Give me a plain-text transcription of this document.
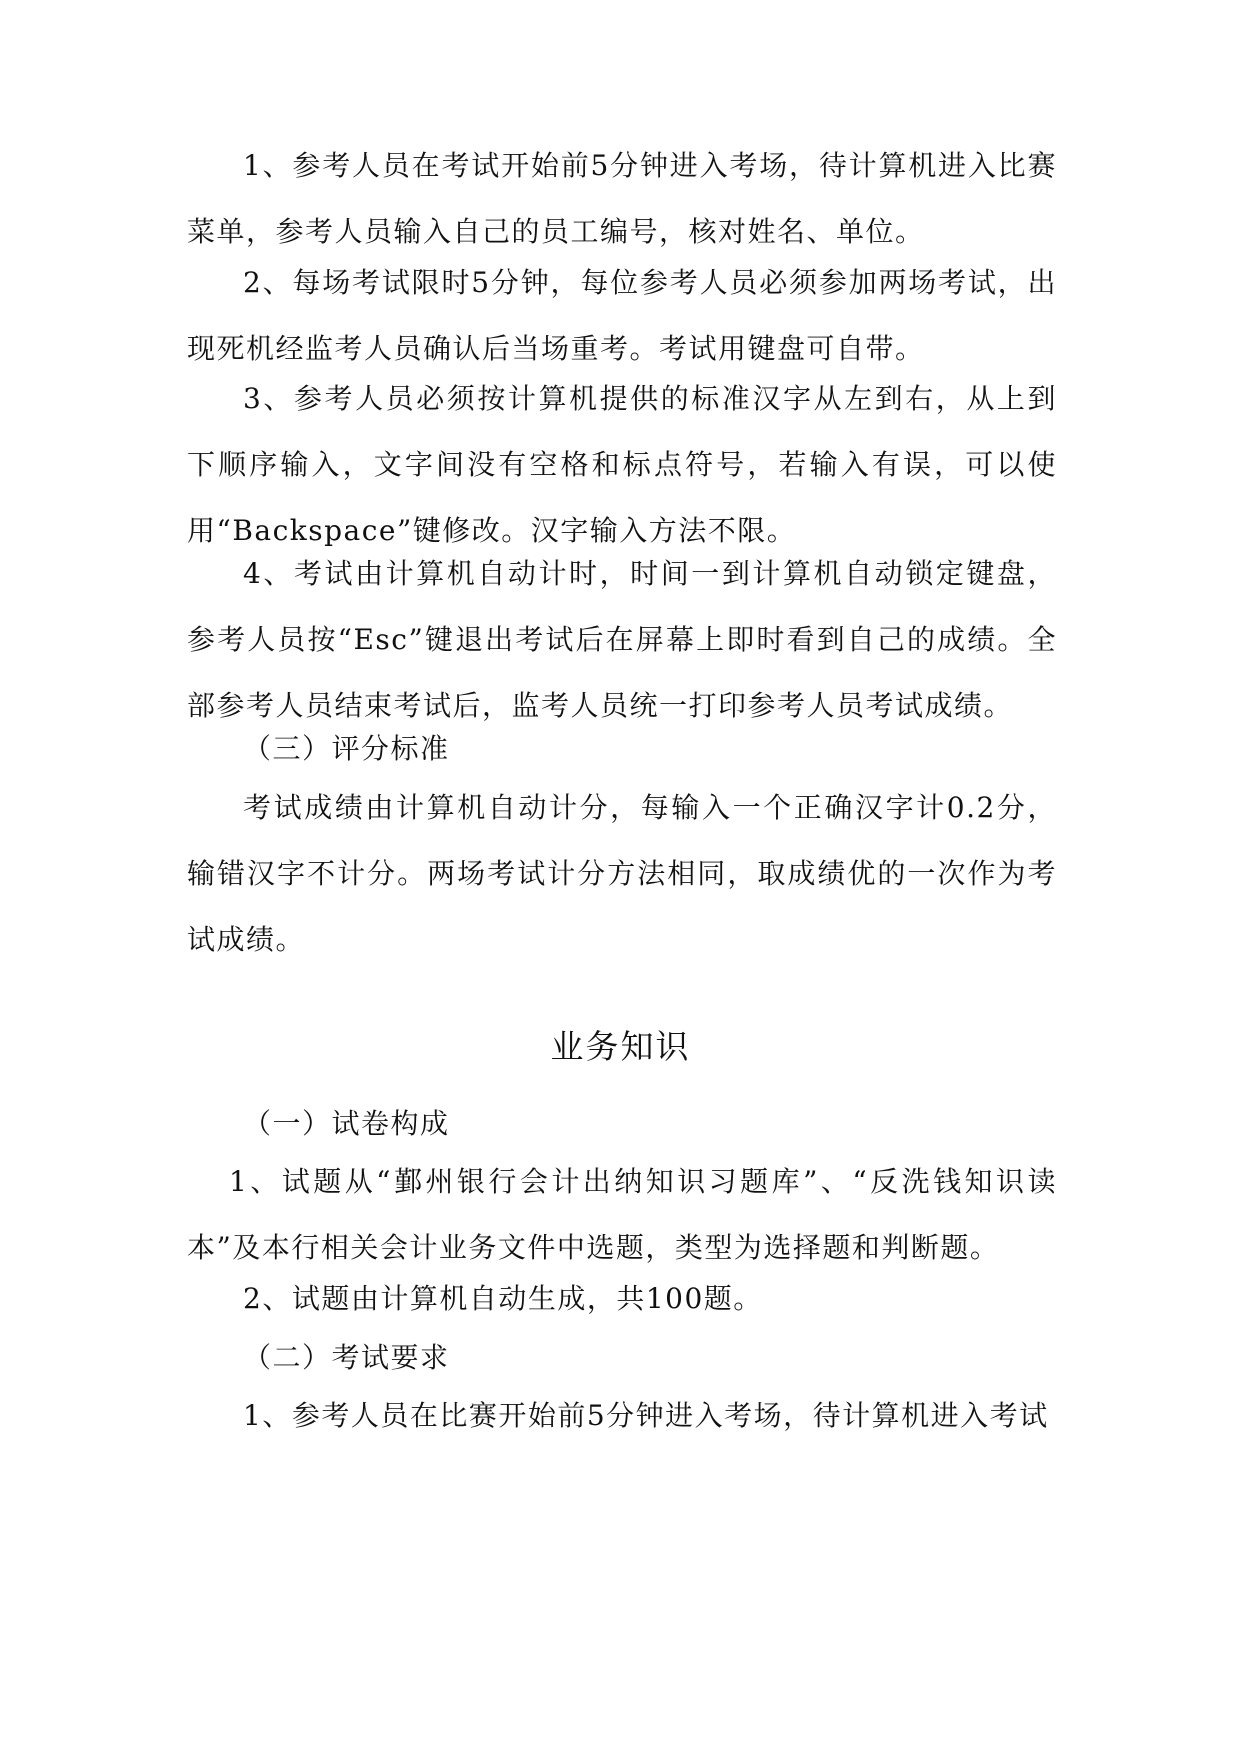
1、参考人员在考试开始前5分钟进入考场，待计算机进入比赛菜单，参考人员输入自己的员工编号，核对姓名、单位。

2、每场考试限时5分钟，每位参考人员必须参加两场考试，出现死机经监考人员确认后当场重考。考试用键盘可自带。

3、参考人员必须按计算机提供的标准汉字从左到右，从上到下顺序输入，文字间没有空格和标点符号，若输入有误，可以使用“Backspace”键修改。汉字输入方法不限。

4、考试由计算机自动计时，时间一到计算机自动锁定键盘，参考人员按“Esc”键退出考试后在屏幕上即时看到自己的成绩。全部参考人员结束考试后，监考人员统一打印参考人员考试成绩。

（三）评分标准

考试成绩由计算机自动计分，每输入一个正确汉字计0.2分，输错汉字不计分。两场考试计分方法相同，取成绩优的一次作为考试成绩。

业务知识

（一）试卷构成

1、试题从“鄞州银行会计出纳知识习题库”、“反洗钱知识读本”及本行相关会计业务文件中选题，类型为选择题和判断题。

2、试题由计算机自动生成，共100题。

（二）考试要求

1、参考人员在比赛开始前5分钟进入考场，待计算机进入考试
